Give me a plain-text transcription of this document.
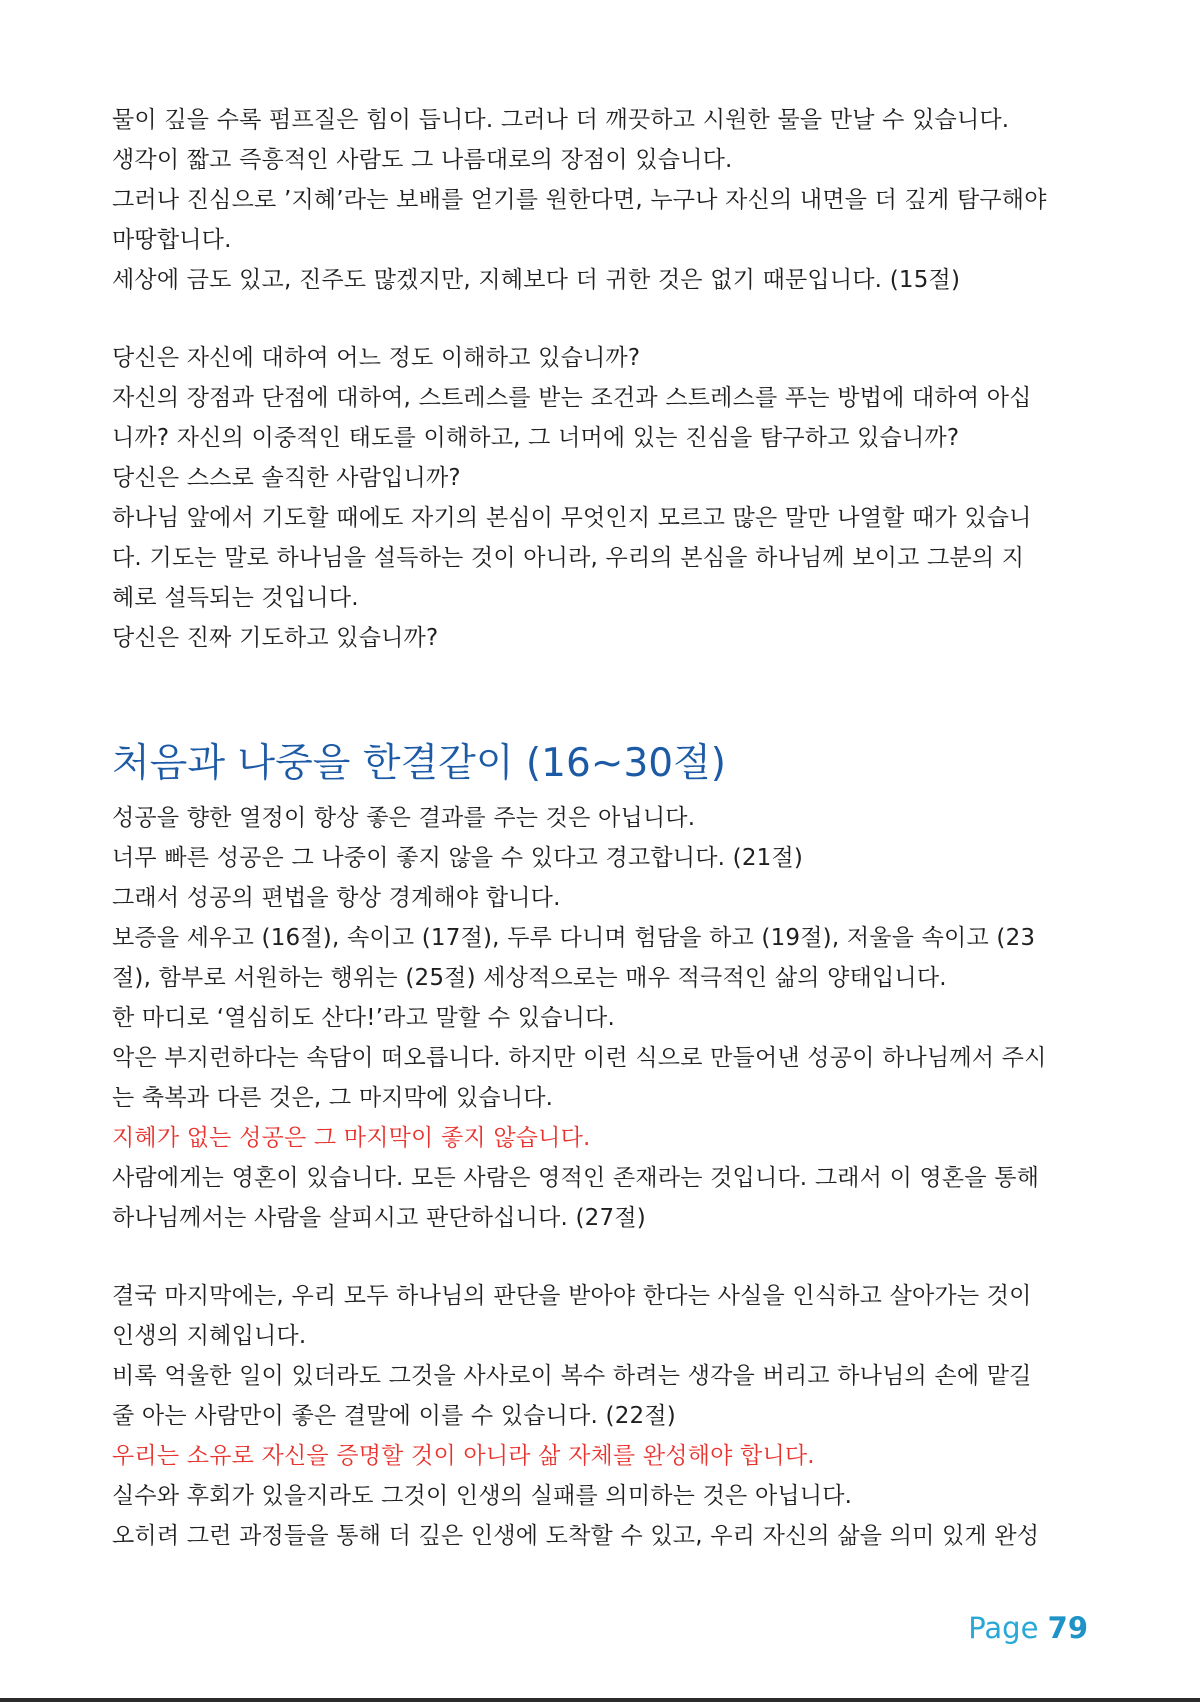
물이 깊을 수록 펌프질은 힘이 듭니다. 그러나 더 깨끗하고 시원한 물을 만날 수 있습니다.
생각이 짧고 즉흥적인 사람도 그 나름대로의 장점이 있습니다.
그러나 진심으로 ’지혜’라는 보배를 얻기를 원한다면, 누구나 자신의 내면을 더 깊게 탐구해야
마땅합니다.
세상에 금도 있고, 진주도 많겠지만, 지혜보다 더 귀한 것은 없기 때문입니다. (15절)
당신은 자신에 대하여 어느 정도 이해하고 있습니까?
자신의 장점과 단점에 대하여, 스트레스를 받는 조건과 스트레스를 푸는 방법에 대하여 아십
니까? 자신의 이중적인 태도를 이해하고, 그 너머에 있는 진심을 탐구하고 있습니까?
당신은 스스로 솔직한 사람입니까?
하나님 앞에서 기도할 때에도 자기의 본심이 무엇인지 모르고 많은 말만 나열할 때가 있습니
다. 기도는 말로 하나님을 설득하는 것이 아니라, 우리의 본심을 하나님께 보이고 그분의 지
혜로 설득되는 것입니다.
당신은 진짜 기도하고 있습니까?
처음과 나중을 한결같이 (16~30절)
성공을 향한 열정이 항상 좋은 결과를 주는 것은 아닙니다.
너무 빠른 성공은 그 나중이 좋지 않을 수 있다고 경고합니다. (21절)
그래서 성공의 편법을 항상 경계해야 합니다.
보증을 세우고 (16절), 속이고 (17절), 두루 다니며 험담을 하고 (19절), 저울을 속이고 (23
절), 함부로 서원하는 행위는 (25절) 세상적으로는 매우 적극적인 삶의 양태입니다.
한 마디로 ‘열심히도 산다!’라고 말할 수 있습니다.
악은 부지런하다는 속담이 떠오릅니다. 하지만 이런 식으로 만들어낸 성공이 하나님께서 주시
는 축복과 다른 것은, 그 마지막에 있습니다.
지혜가 없는 성공은 그 마지막이 좋지 않습니다.
사람에게는 영혼이 있습니다. 모든 사람은 영적인 존재라는 것입니다. 그래서 이 영혼을 통해
하나님께서는 사람을 살피시고 판단하십니다. (27절)
결국 마지막에는, 우리 모두 하나님의 판단을 받아야 한다는 사실을 인식하고 살아가는 것이
인생의 지혜입니다.
비록 억울한 일이 있더라도 그것을 사사로이 복수 하려는 생각을 버리고 하나님의 손에 맡길
줄 아는 사람만이 좋은 결말에 이를 수 있습니다. (22절)
우리는 소유로 자신을 증명할 것이 아니라 삶 자체를 완성해야 합니다.
실수와 후회가 있을지라도 그것이 인생의 실패를 의미하는 것은 아닙니다.
오히려 그런 과정들을 통해 더 깊은 인생에 도착할 수 있고, 우리 자신의 삶을 의미 있게 완성
Page 79
